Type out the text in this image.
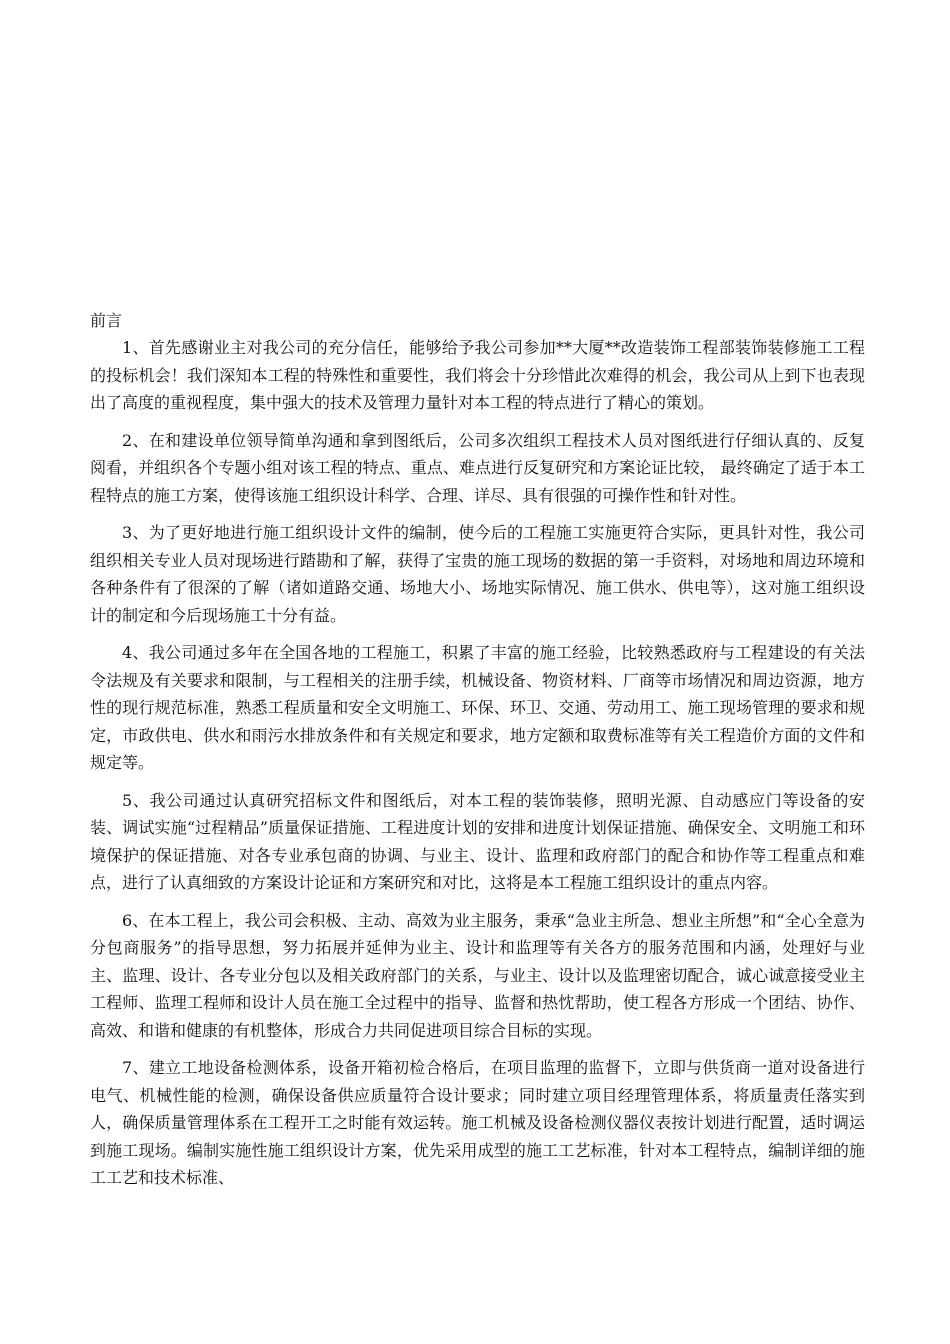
前言

1、首先感谢业主对我公司的充分信任，能够给予我公司参加**大厦**改造装饰工程部装饰装修施工工程的投标机会！我们深知本工程的特殊性和重要性，我们将会十分珍惜此次难得的机会，我公司从上到下也表现出了高度的重视程度，集中强大的技术及管理力量针对本工程的特点进行了精心的策划。

2、在和建设单位领导简单沟通和拿到图纸后，公司多次组织工程技术人员对图纸进行仔细认真的、反复阅看，并组织各个专题小组对该工程的特点、重点、难点进行反复研究和方案论证比较， 最终确定了适于本工程特点的施工方案，使得该施工组织设计科学、合理、详尽、具有很强的可操作性和针对性。

3、为了更好地进行施工组织设计文件的编制，使今后的工程施工实施更符合实际，更具针对性，我公司组织相关专业人员对现场进行踏勘和了解，获得了宝贵的施工现场的数据的第一手资料，对场地和周边环境和各种条件有了很深的了解（诸如道路交通、场地大小、场地实际情况、施工供水、供电等），这对施工组织设计的制定和今后现场施工十分有益。

4、我公司通过多年在全国各地的工程施工，积累了丰富的施工经验，比较熟悉政府与工程建设的有关法令法规及有关要求和限制，与工程相关的注册手续，机械设备、物资材料、厂商等市场情况和周边资源，地方性的现行规范标准，熟悉工程质量和安全文明施工、环保、环卫、交通、劳动用工、施工现场管理的要求和规定，市政供电、供水和雨污水排放条件和有关规定和要求，地方定额和取费标准等有关工程造价方面的文件和规定等。

5、我公司通过认真研究招标文件和图纸后，对本工程的装饰装修，照明光源、自动感应门等设备的安装、调试实施“过程精品”质量保证措施、工程进度计划的安排和进度计划保证措施、确保安全、文明施工和环境保护的保证措施、对各专业承包商的协调、与业主、设计、监理和政府部门的配合和协作等工程重点和难点，进行了认真细致的方案设计论证和方案研究和对比，这将是本工程施工组织设计的重点内容。

6、在本工程上，我公司会积极、主动、高效为业主服务，秉承“急业主所急、想业主所想”和“全心全意为分包商服务”的指导思想，努力拓展并延伸为业主、设计和监理等有关各方的服务范围和内涵，处理好与业主、监理、设计、各专业分包以及相关政府部门的关系，与业主、设计以及监理密切配合，诚心诚意接受业主工程师、监理工程师和设计人员在施工全过程中的指导、监督和热忱帮助，使工程各方形成一个团结、协作、高效、和谐和健康的有机整体，形成合力共同促进项目综合目标的实现。

7、建立工地设备检测体系，设备开箱初检合格后，在项目监理的监督下，立即与供货商一道对设备进行电气、机械性能的检测，确保设备供应质量符合设计要求；同时建立项目经理管理体系，将质量责任落实到人，确保质量管理体系在工程开工之时能有效运转。施工机械及设备检测仪器仪表按计划进行配置，适时调运到施工现场。编制实施性施工组织设计方案，优先采用成型的施工工艺标准，针对本工程特点，编制详细的施工工艺和技术标准、
